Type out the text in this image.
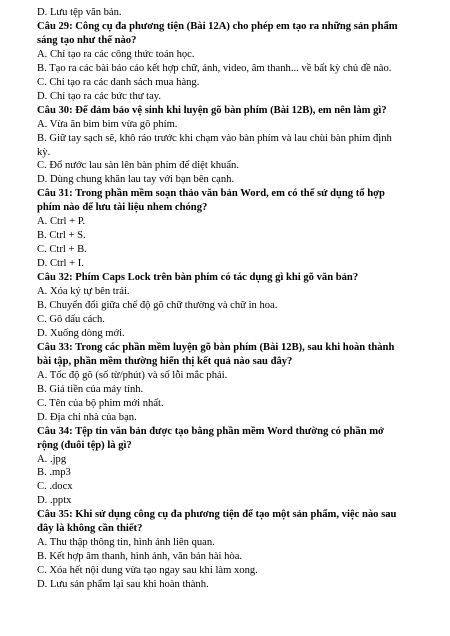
D. Lưu tệp văn bản.
Câu 29: Công cụ đa phương tiện (Bài 12A) cho phép em tạo ra những sản phẩm
sáng tạo như thế nào?
A. Chỉ tạo ra các công thức toán học.
B. Tạo ra các bài báo cáo kết hợp chữ, ảnh, video, âm thanh... về bất kỳ chủ đề nào.
C. Chỉ tạo ra các danh sách mua hàng.
D. Chỉ tạo ra các bức thư tay.
Câu 30: Để đảm bảo vệ sinh khi luyện gõ bàn phím (Bài 12B), em nên làm gì?
A. Vừa ăn bim bim vừa gõ phím.
B. Giữ tay sạch sẽ, khô ráo trước khi chạm vào bàn phím và lau chùi bàn phím định
kỳ.
C. Đổ nước lau sàn lên bàn phím để diệt khuẩn.
D. Dùng chung khăn lau tay với bạn bên cạnh.
Câu 31: Trong phần mềm soạn thảo văn bản Word, em có thể sử dụng tổ hợp
phím nào để lưu tài liệu nhem chóng?
A. Ctrl + P.
B. Ctrl + S.
C. Ctrl + B.
D. Ctrl + I.
Câu 32: Phím Caps Lock trên bàn phím có tác dụng gì khi gõ văn bản?
A. Xóa ký tự bên trái.
B. Chuyển đổi giữa chế độ gõ chữ thường và chữ in hoa.
C. Gõ dấu cách.
D. Xuống dòng mới.
Câu 33: Trong các phần mềm luyện gõ bàn phím (Bài 12B), sau khi hoàn thành
bài tập, phần mềm thường hiển thị kết quả nào sau đây?
A. Tốc độ gõ (số từ/phút) và số lỗi mắc phải.
B. Giá tiền của máy tính.
C. Tên của bộ phim mới nhất.
D. Địa chỉ nhà của bạn.
Câu 34: Tệp tin văn bản được tạo bằng phần mềm Word thường có phần mở
rộng (đuôi tệp) là gì?
A. .jpg
B. .mp3
C. .docx
D. .pptx
Câu 35: Khi sử dụng công cụ đa phương tiện để tạo một sản phẩm, việc nào sau
đây là không cần thiết?
A. Thu thập thông tin, hình ảnh liên quan.
B. Kết hợp âm thanh, hình ảnh, văn bản hài hòa.
C. Xóa hết nội dung vừa tạo ngay sau khi làm xong.
D. Lưu sản phẩm lại sau khi hoàn thành.
